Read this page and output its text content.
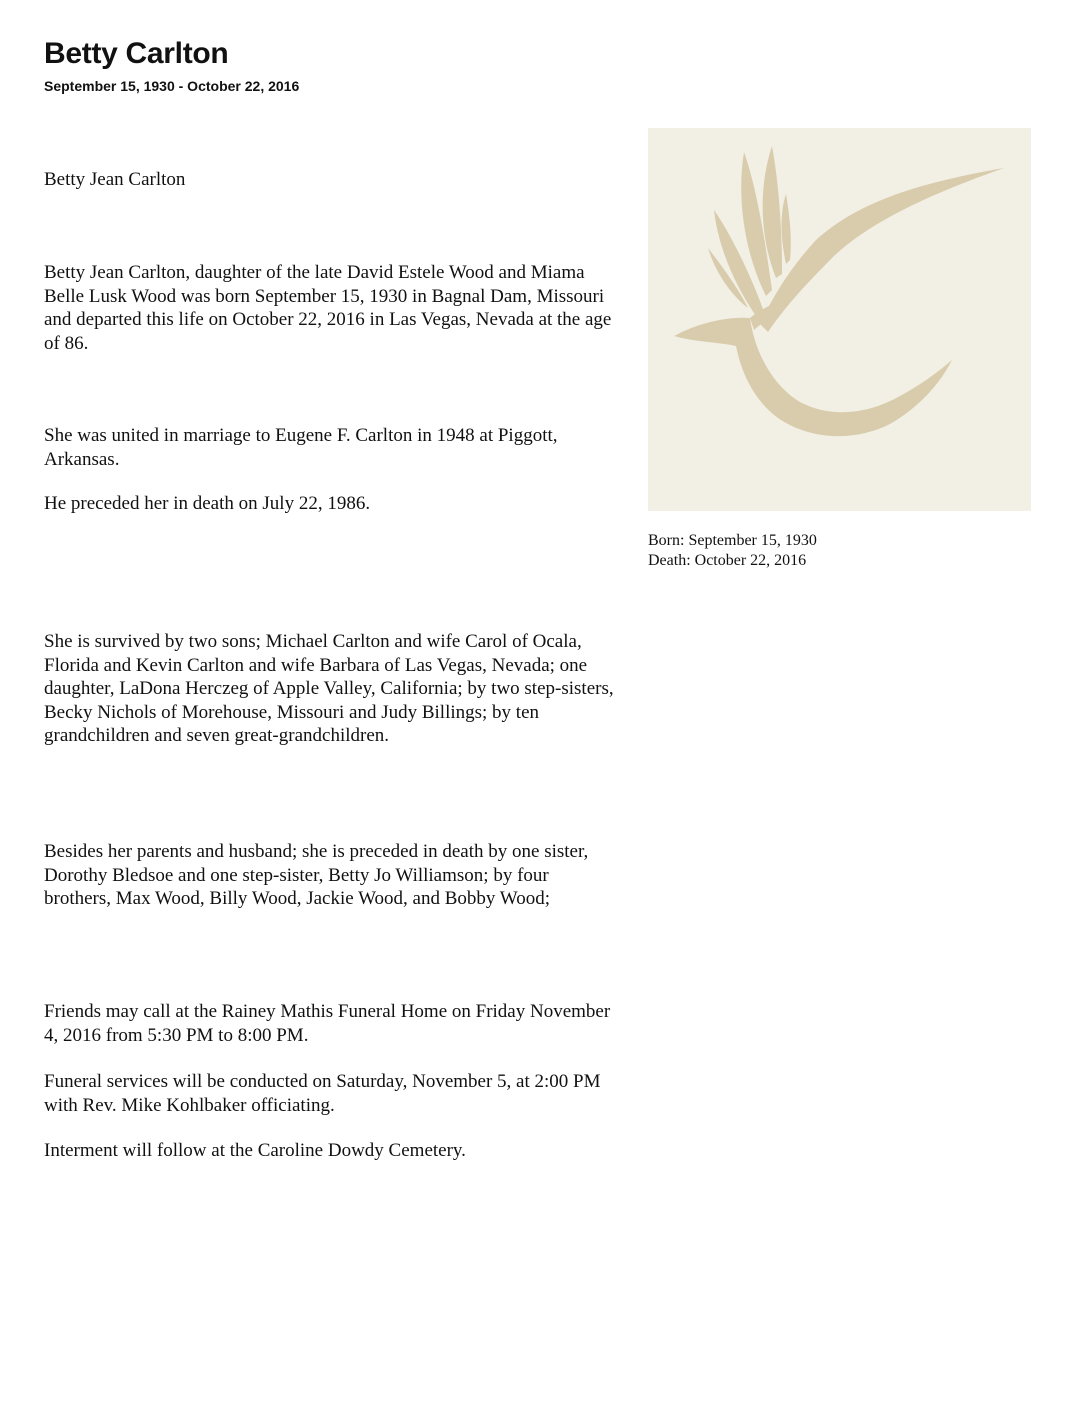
Betty Carlton
September 15, 1930 - October 22, 2016

Betty Jean Carlton

Betty Jean Carlton, daughter of the late David Estele Wood and Miama Belle Lusk Wood was born September 15, 1930 in Bagnal Dam, Missouri and departed this life on October 22, 2016 in Las Vegas, Nevada at the age of 86.

She was united in marriage to Eugene F. Carlton in 1948 at Piggott, Arkansas.

He preceded her in death on July 22, 1986.

She is survived by two sons; Michael Carlton and wife Carol of Ocala, Florida and Kevin Carlton and wife Barbara of Las Vegas, Nevada; one daughter, LaDona Herczeg of Apple Valley, California; by two step-sisters, Becky Nichols of Morehouse, Missouri and Judy Billings; by ten grandchildren and seven great-grandchildren.

Besides her parents and husband; she is preceded in death by one sister, Dorothy Bledsoe and one step-sister, Betty Jo Williamson; by four brothers, Max Wood, Billy Wood, Jackie Wood, and Bobby Wood;

Friends may call at the Rainey Mathis Funeral Home on Friday November 4, 2016 from 5:30 PM to 8:00 PM.

Funeral services will be conducted on Saturday, November 5, at 2:00 PM with Rev. Mike Kohlbaker officiating.

Interment will follow at the Caroline Dowdy Cemetery.

Born: September 15, 1930
Death: October 22, 2016
